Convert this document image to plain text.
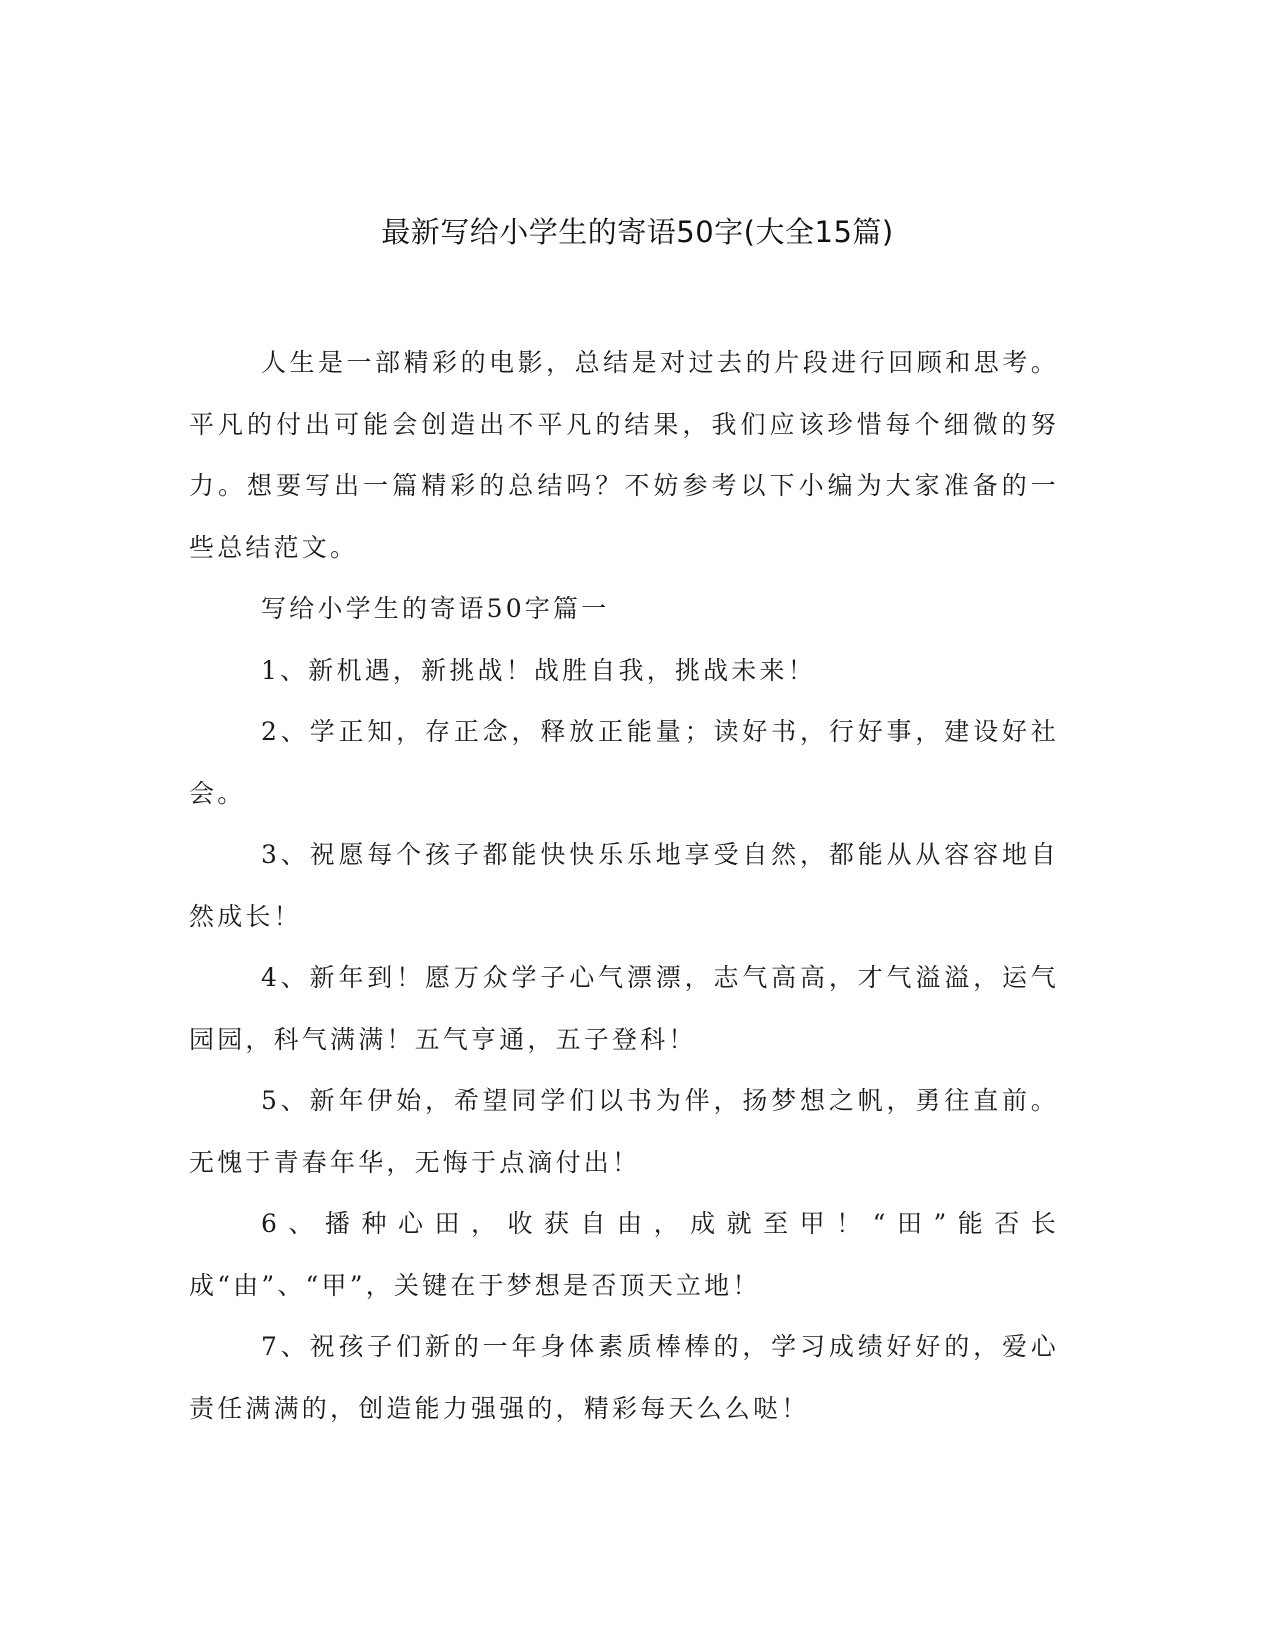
最新写给小学生的寄语50字(大全15篇)

人生是一部精彩的电影，总结是对过去的片段进行回顾和思考。平凡的付出可能会创造出不平凡的结果，我们应该珍惜每个细微的努力。想要写出一篇精彩的总结吗？不妨参考以下小编为大家准备的一些总结范文。

写给小学生的寄语50字篇一

1、新机遇，新挑战！战胜自我，挑战未来！

2、学正知，存正念，释放正能量；读好书，行好事，建设好社会。

3、祝愿每个孩子都能快快乐乐地享受自然，都能从从容容地自然成长！

4、新年到！愿万众学子心气漂漂，志气高高，才气溢溢，运气园园，科气满满！五气亨通，五子登科！

5、新年伊始，希望同学们以书为伴，扬梦想之帆，勇往直前。无愧于青春年华，无悔于点滴付出！

6、播种心田，收获自由，成就至甲！“田”能否长成“由”、“甲”，关键在于梦想是否顶天立地！

7、祝孩子们新的一年身体素质棒棒的，学习成绩好好的，爱心责任满满的，创造能力强强的，精彩每天么么哒！
